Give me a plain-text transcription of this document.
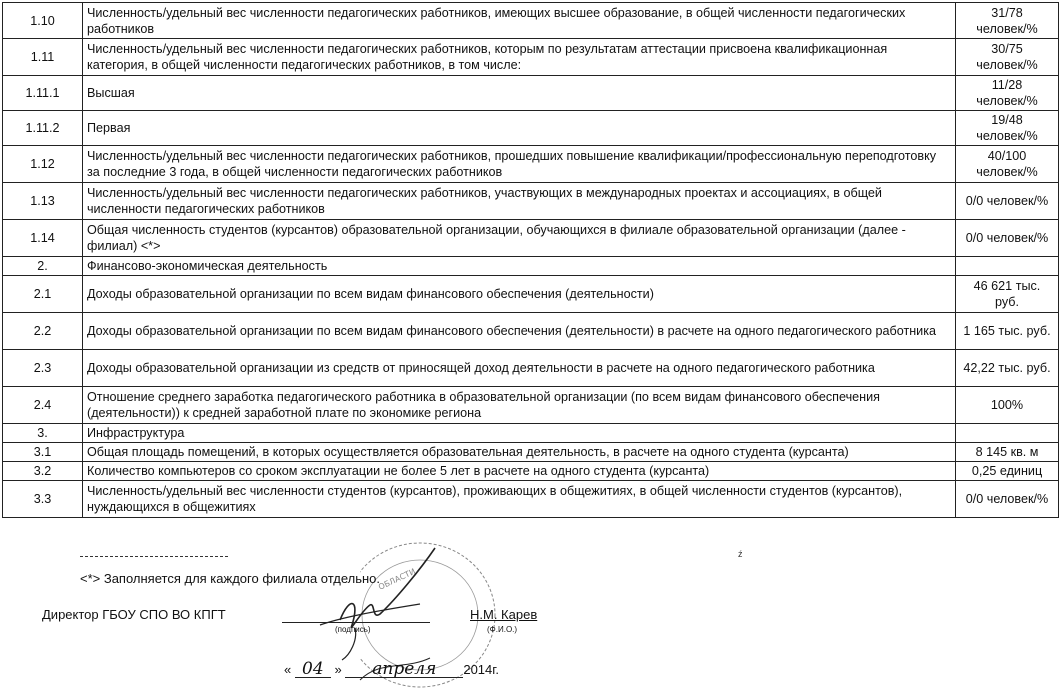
1.10	Численность/удельный вес численности педагогических работников, имеющих высшее образование, в общей численности педагогических работников	31/78 человек/%
1.11	Численность/удельный вес численности педагогических работников, которым по результатам аттестации присвоена квалификационная категория, в общей численности педагогических работников, в том числе:	30/75 человек/%
1.11.1	Высшая	11/28 человек/%
1.11.2	Первая	19/48 человек/%
1.12	Численность/удельный вес численности педагогических работников, прошедших повышение квалификации/профессиональную переподготовку за последние 3 года, в общей численности педагогических работников	40/100 человек/%
1.13	Численность/удельный вес численности педагогических работников, участвующих в международных проектах и ассоциациях, в общей численности педагогических работников	0/0 человек/%
1.14	Общая численность студентов (курсантов) образовательной организации, обучающихся в филиале образовательной организации (далее - филиал) <*>	0/0 человек/%
2.	Финансово-экономическая деятельность	
2.1	Доходы образовательной организации по всем видам финансового обеспечения (деятельности)	46 621 тыс. руб.
2.2	Доходы образовательной организации по всем видам финансового обеспечения (деятельности) в расчете на одного педагогического работника	1 165 тыс. руб.
2.3	Доходы образовательной организации из средств от приносящей доход деятельности в расчете на одного педагогического работника	42,22 тыс. руб.
2.4	Отношение среднего заработка педагогического работника в образовательной организации (по всем видам финансового обеспечения (деятельности)) к средней заработной плате по экономике региона	100%
3.	Инфраструктура	
3.1	Общая площадь помещений, в которых осуществляется образовательная деятельность, в расчете на одного студента (курсанта)	8 145 кв. м
3.2	Количество компьютеров со сроком эксплуатации не более 5 лет в расчете на одного студента (курсанта)	0,25 единиц
3.3	Численность/удельный вес численности студентов (курсантов), проживающих в общежитиях, в общей численности студентов (курсантов), нуждающихся в общежитиях	0/0 человек/%
ОБЛАСТИ
<*> Заполняется для каждого филиала отдельно.
Директор ГБОУ СПО ВО КПГТ
(подпись)
Н.М. Карев
(Ф.И.О.)
« 04 » апреля 2014г.
ź
